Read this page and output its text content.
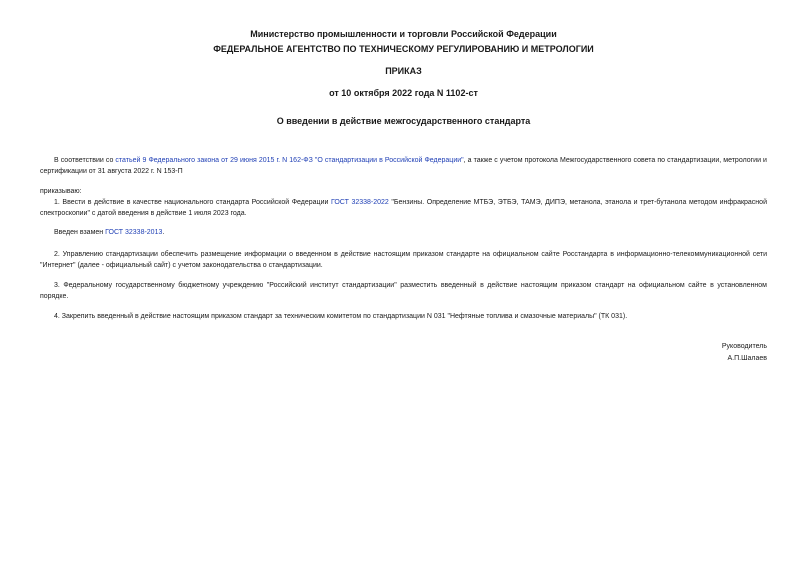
Министерство промышленности и торговли Российской Федерации
ФЕДЕРАЛЬНОЕ АГЕНТСТВО ПО ТЕХНИЧЕСКОМУ РЕГУЛИРОВАНИЮ И МЕТРОЛОГИИ
ПРИКАЗ
от 10 октября 2022 года N 1102-ст
О введении в действие межгосударственного стандарта
В соответствии со статьей 9 Федерального закона от 29 июня 2015 г. N 162-ФЗ "О стандартизации в Российской Федерации", а также с учетом протокола Межгосударственного совета по стандартизации, метрологии и сертификации от 31 августа 2022 г. N 153-П
приказываю:
1. Ввести в действие в качестве национального стандарта Российской Федерации ГОСТ 32338-2022 "Бензины. Определение МТБЭ, ЭТБЭ, ТАМЭ, ДИПЭ, метанола, этанола и трет-бутанола методом инфракрасной спектроскопии" с датой введения в действие 1 июля 2023 года.
Введен взамен ГОСТ 32338-2013.
2. Управлению стандартизации обеспечить размещение информации о введенном в действие настоящим приказом стандарте на официальном сайте Росстандарта в информационно-телекоммуникационной сети "Интернет" (далее - официальный сайт) с учетом законодательства о стандартизации.
3. Федеральному государственному бюджетному учреждению "Российский институт стандартизации" разместить введенный в действие настоящим приказом стандарт на официальном сайте в установленном порядке.
4. Закрепить введенный в действие настоящим приказом стандарт за техническим комитетом по стандартизации N 031 "Нефтяные топлива и смазочные материалы" (ТК 031).
Руководитель
А.П.Шалаев
